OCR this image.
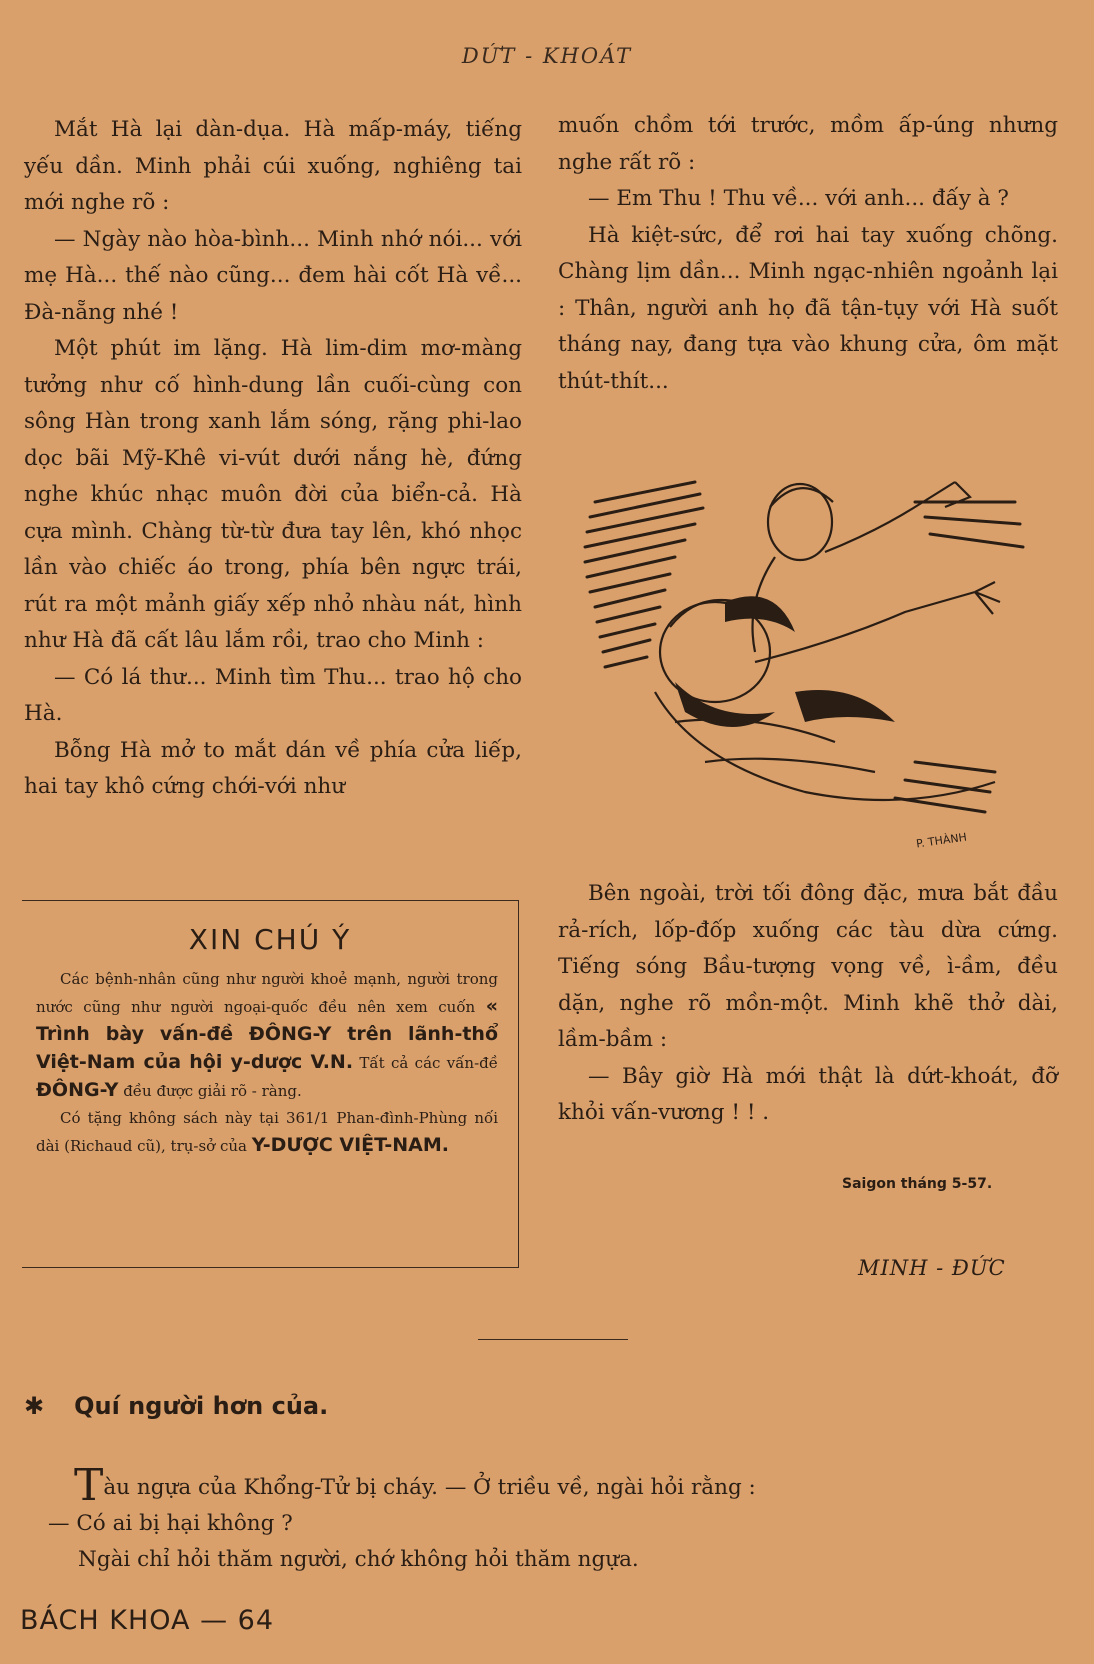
DỨT - KHOÁT

Mắt Hà lại dàn-dụa. Hà mấp-máy, tiếng yếu dần. Minh phải cúi xuống, nghiêng tai mới nghe rõ :

— Ngày nào hòa-bình... Minh nhớ nói... với mẹ Hà... thế nào cũng... đem hài cốt Hà về... Đà-nẵng nhé !

Một phút im lặng. Hà lim-dim mơ-màng tưởng như cố hình-dung lần cuối-cùng con sông Hàn trong xanh lắm sóng, rặng phi-lao dọc bãi Mỹ-Khê vi-vút dưới nắng hè, đứng nghe khúc nhạc muôn đời của biển-cả. Hà cựa mình. Chàng từ-từ đưa tay lên, khó nhọc lần vào chiếc áo trong, phía bên ngực trái, rút ra một mảnh giấy xếp nhỏ nhàu nát, hình như Hà đã cất lâu lắm rồi, trao cho Minh :

— Có lá thư... Minh tìm Thu... trao hộ cho Hà.

Bỗng Hà mở to mắt dán về phía cửa liếp, hai tay khô cứng chới-với như

muốn chồm tới trước, mồm ấp-úng nhưng nghe rất rõ :

— Em Thu ! Thu về... với anh... đấy à ?

Hà kiệt-sức, để rơi hai tay xuống chõng. Chàng lịm dần... Minh ngạc-nhiên ngoảnh lại : Thân, người anh họ đã tận-tụy với Hà suốt tháng nay, đang tựa vào khung cửa, ôm mặt thút-thít...

P. THÀNH

Bên ngoài, trời tối đông đặc, mưa bắt đầu rả-rích, lốp-đốp xuống các tàu dừa cứng. Tiếng sóng Bầu-tượng vọng về, ì-ầm, đều dặn, nghe rõ mồn-một. Minh khẽ thở dài, lầm-bầm :

— Bây giờ Hà mới thật là dứt-khoát, đỡ khỏi vấn-vương ! ! .

XIN CHÚ Ý

Các bệnh-nhân cũng như người khoẻ mạnh, người trong nước cũng như người ngoại-quốc đều nên xem cuốn « Trình bày vấn-đề ĐÔNG-Y trên lãnh-thổ Việt-Nam của hội y-dược V.N. Tất cả các vấn-đề ĐÔNG-Y đều được giải rõ - ràng.

Có tặng không sách này tại 361/1 Phan-đình-Phùng nối dài (Richaud cũ), trụ-sở của Y-DƯỢC VIỆT-NAM.

Saigon tháng 5-57.
MINH - ĐỨC
✱ Quí người hơn của.

Tàu ngựa của Khổng-Tử bị cháy. — Ở triều về, ngài hỏi rằng :

— Có ai bị hại không ?

Ngài chỉ hỏi thăm người, chớ không hỏi thăm ngựa.

BÁCH KHOA — 64
